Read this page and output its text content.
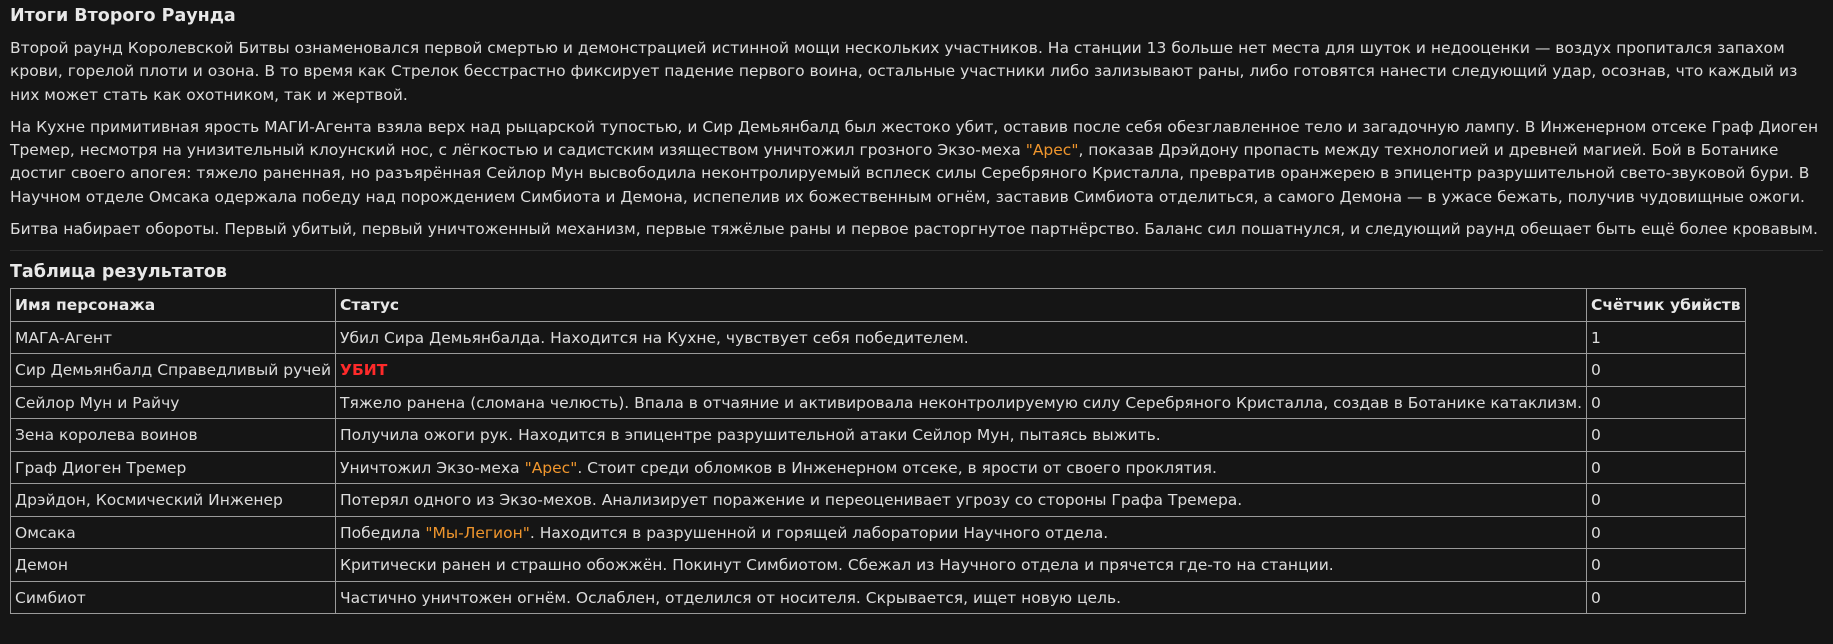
Итоги Второго Раунда

Второй раунд Королевской Битвы ознаменовался первой смертью и демонстрацией истинной мощи нескольких участников. На станции 13 больше нет места для шуток и недооценки — воздух пропитался запахом крови, горелой плоти и озона. В то время как Стрелок бесстрастно фиксирует падение первого воина, остальные участники либо зализывают раны, либо готовятся нанести следующий удар, осознав, что каждый из них может стать как охотником, так и жертвой.

На Кухне примитивная ярость МАГИ-Агента взяла верх над рыцарской тупостью, и Сир Демьянбалд был жестоко убит, оставив после себя обезглавленное тело и загадочную лампу. В Инженерном отсеке Граф Диоген Тремер, несмотря на унизительный клоунский нос, с лёгкостью и садистским изяществом уничтожил грозного Экзо-меха "Арес", показав Дрэйдону пропасть между технологией и древней магией. Бой в Ботанике достиг своего апогея: тяжело раненная, но разъярённая Сейлор Мун высвободила неконтролируемый всплеск силы Серебряного Кристалла, превратив оранжерею в эпицентр разрушительной свето-звуковой бури. В Научном отделе Омсака одержала победу над порождением Симбиота и Демона, испепелив их божественным огнём, заставив Симбиота отделиться, а самого Демона — в ужасе бежать, получив чудовищные ожоги.

Битва набирает обороты. Первый убитый, первый уничтоженный механизм, первые тяжёлые раны и первое расторгнутое партнёрство. Баланс сил пошатнулся, и следующий раунд обещает быть ещё более кровавым.

Таблица результатов
Имя персонажа	Статус	Счётчик убийств
МАГА-Агент	Убил Сира Демьянбалда. Находится на Кухне, чувствует себя победителем.	1
Сир Демьянбалд Справедливый ручей	УБИТ	0
Сейлор Мун и Райчу	Тяжело ранена (сломана челюсть). Впала в отчаяние и активировала неконтролируемую силу Серебряного Кристалла, создав в Ботанике катаклизм.	0
Зена королева воинов	Получила ожоги рук. Находится в эпицентре разрушительной атаки Сейлор Мун, пытаясь выжить.	0
Граф Диоген Тремер	Уничтожил Экзо-меха "Арес". Стоит среди обломков в Инженерном отсеке, в ярости от своего проклятия.	0
Дрэйдон, Космический Инженер	Потерял одного из Экзо-мехов. Анализирует поражение и переоценивает угрозу со стороны Графа Тремера.	0
Омсака	Победила "Мы-Легион". Находится в разрушенной и горящей лаборатории Научного отдела.	0
Демон	Критически ранен и страшно обожжён. Покинут Симбиотом. Сбежал из Научного отдела и прячется где-то на станции.	0
Симбиот	Частично уничтожен огнём. Ослаблен, отделился от носителя. Скрывается, ищет новую цель.	0
